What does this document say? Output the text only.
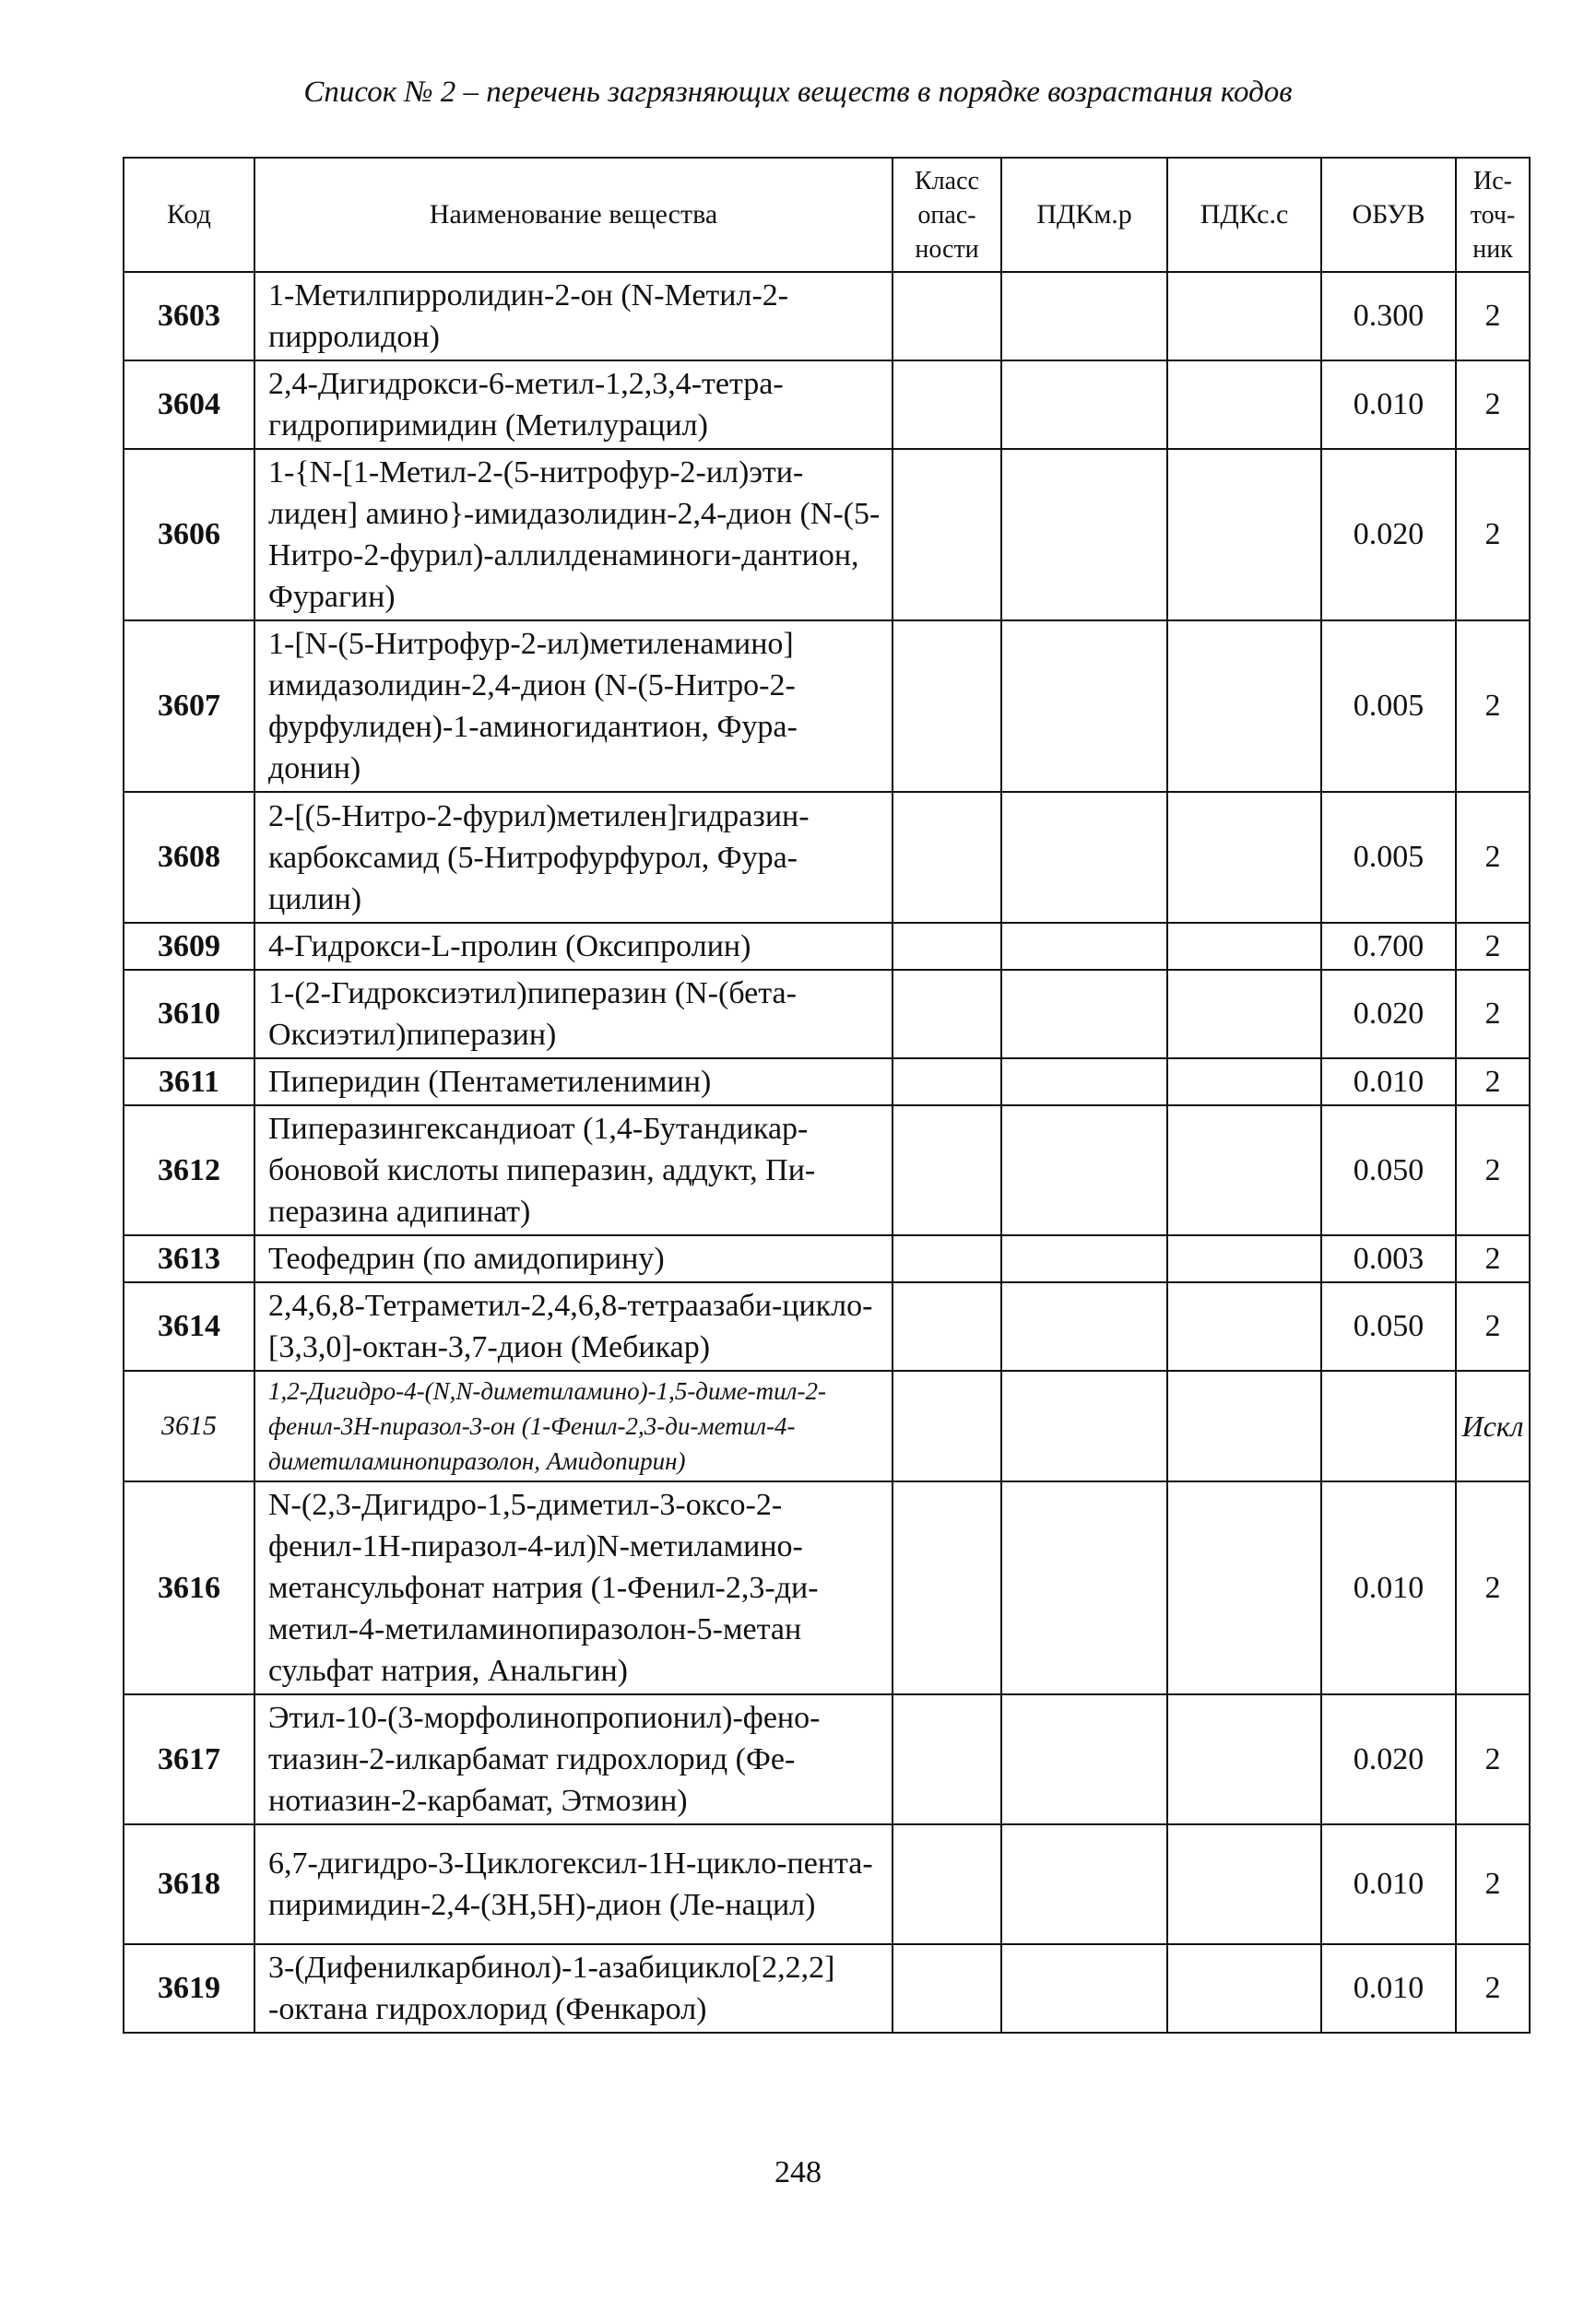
Список № 2 – перечень загрязняющих веществ в порядке возрастания кодов
Код	Наименование вещества	Класс опас-ности	ПДКм.р	ПДКс.с	ОБУВ	Ис-точ-ник
3603	1-Метилпирролидин-2-он (N-Метил-2-пирролидон)				0.300	2
3604	2,4-Дигидрокси-6-метил-1,2,3,4-тетра-гидропиримидин (Метилурацил)				0.010	2
3606	1-{N-[1-Метил-2-(5-нитрофур-2-ил)эти-лиден] амино}-имидазолидин-2,4-дион (N-(5-Нитро-2-фурил)-аллилденаминоги-дантион, Фурагин)				0.020	2
3607	1-[N-(5-Нитрофур-2-ил)метиленамино] имидазолидин-2,4-дион (N-(5-Нитро-2-фурфулиден)-1-аминогидантион, Фура-донин)				0.005	2
3608	2-[(5-Нитро-2-фурил)метилен]гидразин-карбоксамид (5-Нитрофурфурол, Фура-цилин)				0.005	2
3609	4-Гидрокси-L-пролин (Оксипролин)				0.700	2
3610	1-(2-Гидроксиэтил)пиперазин (N-(бета-Оксиэтил)пиперазин)				0.020	2
3611	Пиперидин (Пентаметиленимин)				0.010	2
3612	Пиперазингександиоат (1,4-Бутандикар-боновой кислоты пиперазин, аддукт, Пи-перазина адипинат)				0.050	2
3613	Теофедрин (по амидопирину)				0.003	2
3614	2,4,6,8-Тетраметил-2,4,6,8-тетраазаби-цикло-[3,3,0]-октан-3,7-дион (Мебикар)				0.050	2
3615	1,2-Дигидро-4-(N,N-диметиламино)-1,5-диме-тил-2-фенил-3Н-пиразол-3-он (1-Фенил-2,3-ди-метил-4-диметиламинопиразолон, Амидопирин)					Искл
3616	N-(2,3-Дигидро-1,5-диметил-3-оксо-2-фенил-1Н-пиразол-4-ил)N-метиламино-метансульфонат натрия (1-Фенил-2,3-ди-метил-4-метиламинопиразолон-5-метан сульфат натрия, Анальгин)				0.010	2
3617	Этил-10-(3-морфолинопропионил)-фено-тиазин-2-илкарбамат гидрохлорид (Фе-нотиазин-2-карбамат, Этмозин)				0.020	2
3618	6,7-дигидро-3-Циклогексил-1Н-цикло-пента-пиримидин-2,4-(3Н,5Н)-дион (Ле-нацил)				0.010	2
3619	3-(Дифенилкарбинол)-1-азабицикло[2,2,2] -октана гидрохлорид (Фенкарол)				0.010	2
248
